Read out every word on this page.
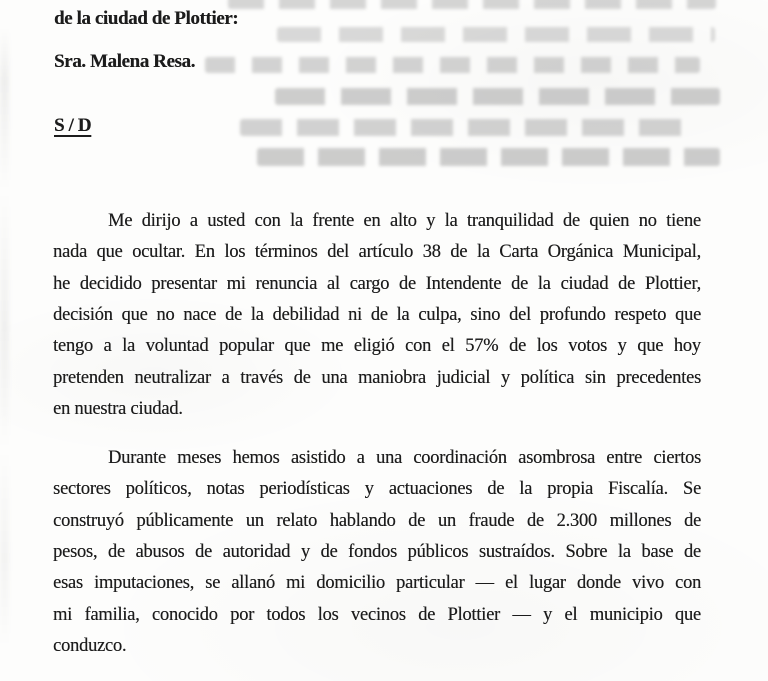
de la ciudad de Plottier:
Sra. Malena Resa.
S / D
Me dirijo a usted con la frente en alto y la tranquilidad de quien no tiene
nada que ocultar. En los términos del artículo 38 de la Carta Orgánica Municipal,
he decidido presentar mi renuncia al cargo de Intendente de la ciudad de Plottier,
decisión que no nace de la debilidad ni de la culpa, sino del profundo respeto que
tengo a la voluntad popular que me eligió con el 57% de los votos y que hoy
pretenden neutralizar a través de una maniobra judicial y política sin precedentes
en nuestra ciudad.
Durante meses hemos asistido a una coordinación asombrosa entre ciertos
sectores políticos, notas periodísticas y actuaciones de la propia Fiscalía. Se
construyó públicamente un relato hablando de un fraude de 2.300 millones de
pesos, de abusos de autoridad y de fondos públicos sustraídos. Sobre la base de
esas imputaciones, se allanó mi domicilio particular — el lugar donde vivo con
mi familia, conocido por todos los vecinos de Plottier — y el municipio que
conduzco.
